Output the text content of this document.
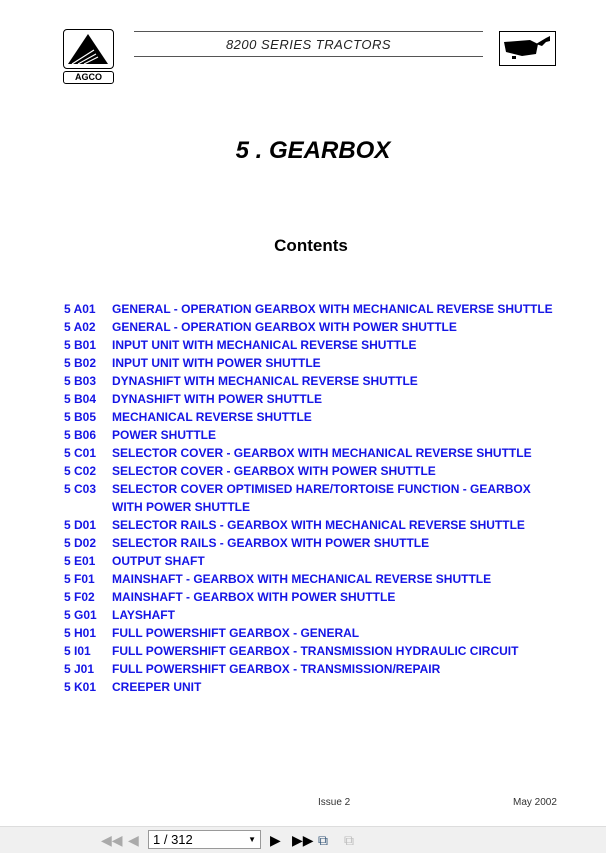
AGCO
8200 SERIES TRACTORS
5 . GEARBOX
Contents
5 A01	GENERAL - OPERATION GEARBOX WITH MECHANICAL REVERSE SHUTTLE
5 A02	GENERAL - OPERATION GEARBOX WITH POWER SHUTTLE
5 B01	INPUT UNIT WITH MECHANICAL REVERSE SHUTTLE
5 B02	INPUT UNIT WITH POWER SHUTTLE
5 B03	DYNASHIFT WITH MECHANICAL REVERSE SHUTTLE
5 B04	DYNASHIFT WITH POWER SHUTTLE
5 B05	MECHANICAL REVERSE SHUTTLE
5 B06	POWER SHUTTLE
5 C01	SELECTOR COVER - GEARBOX WITH MECHANICAL REVERSE SHUTTLE
5 C02	SELECTOR COVER - GEARBOX WITH POWER SHUTTLE
5 C03	SELECTOR COVER OPTIMISED HARE/TORTOISE FUNCTION - GEARBOX WITH POWER SHUTTLE
5 D01	SELECTOR RAILS - GEARBOX WITH MECHANICAL REVERSE SHUTTLE
5 D02	SELECTOR RAILS - GEARBOX WITH POWER SHUTTLE
5 E01	OUTPUT SHAFT
5 F01	MAINSHAFT - GEARBOX WITH MECHANICAL REVERSE SHUTTLE
5 F02	MAINSHAFT - GEARBOX WITH POWER SHUTTLE
5 G01	LAYSHAFT
5 H01	FULL POWERSHIFT GEARBOX - GENERAL
5 I01	FULL POWERSHIFT GEARBOX - TRANSMISSION HYDRAULIC CIRCUIT
5 J01	FULL POWERSHIFT GEARBOX - TRANSMISSION/REPAIR
5 K01	CREEPER UNIT
Issue 2	May 2002
◀◀ ◀	1 / 312	▼ ▶ ▶▶ ⧉ ⧉
